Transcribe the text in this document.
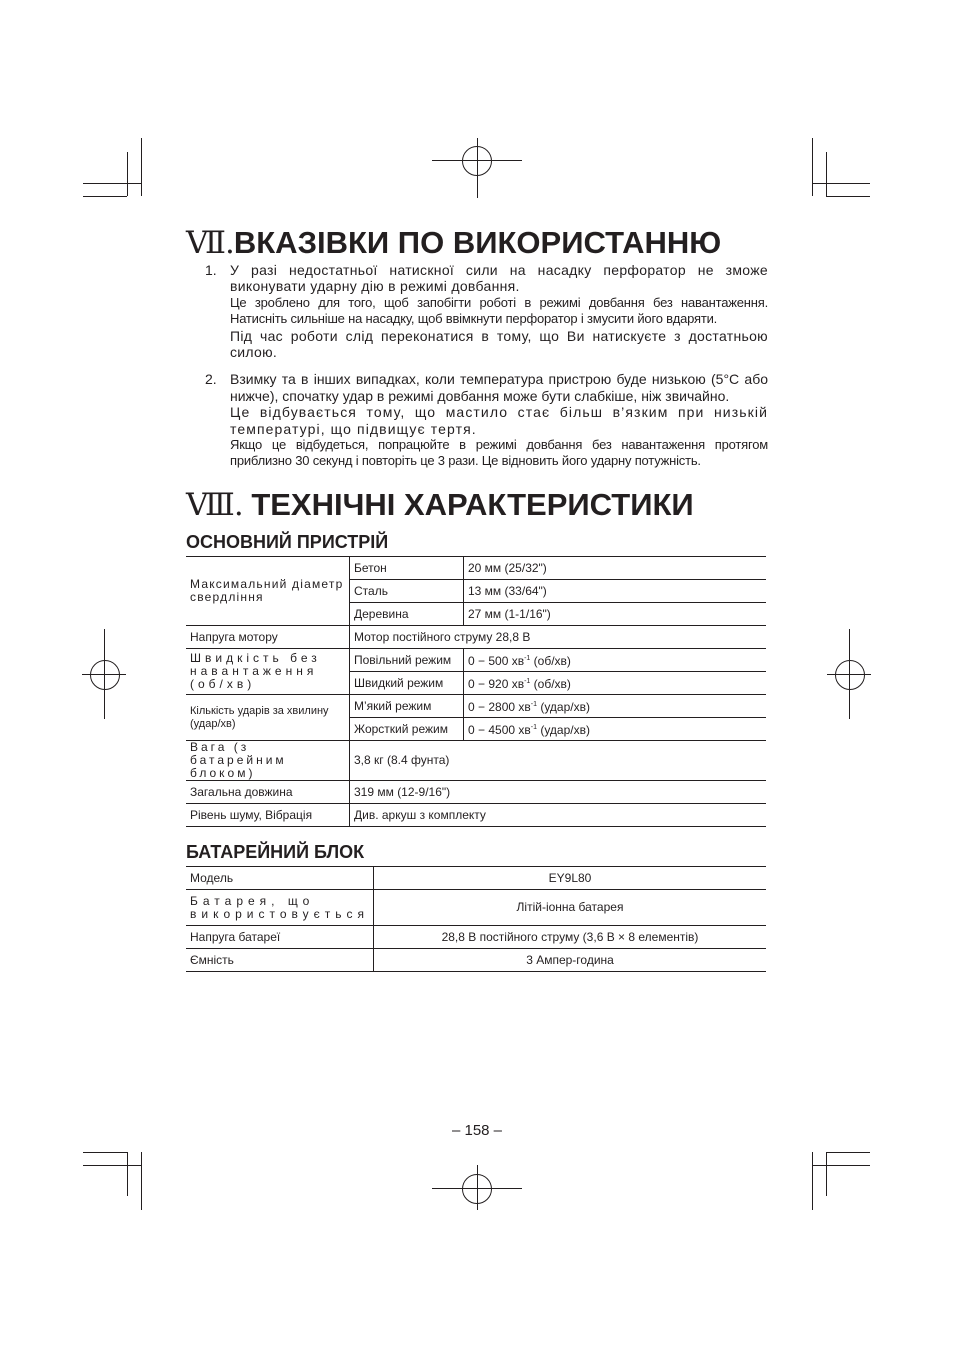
Ⅶ.ВКАЗІВКИ ПО ВИКОРИСТАННЮ
1. У разі недостатньої натискної сили на насадку перфоратор не зможе виконувати ударну дію в режимі довбання.

Це зроблено для того, щоб запобігти роботі в режимі довбання без навантаження. Натисніть сильніше на насадку, щоб ввімкнути перфоратор і змусити його вдаряти.

Під час роботи слід переконатися в тому, що Ви натискуєте з достатньою силою.

2. Взимку та в інших випадках, коли температура пристрою буде низькою (5°C або нижче), спочатку удар в режимі довбання може бути слабкіше, ніж звичайно.

Це відбувається тому, що мастило стає більш в’язким при низькій температурі, що підвищує тертя.

Якщо це відбудеться, попрацюйте в режимі довбання без навантаження протягом приблизно 30 секунд і повторіть це 3 рази. Це відновить його ударну потужність.

Ⅷ. ТЕХНІЧНІ ХАРАКТЕРИСТИКИ
ОСНОВНИЙ ПРИСТРІЙ
Максимальний діаметр свердління	Бетон	20 мм (25/32")
	Сталь	13 мм (33/64")
	Деревина	27 мм (1-1/16")
Напруга мотору	Мотор постійного струму 28,8 В	
Швидкість без навантаження (об/хв)	Повільний режим	0 − 500 $хв^{-1}$ (об/хв)
	Швидкий режим	0 − 920 $хв^{-1}$ (об/хв)
Кількість ударів за хвилину (удар/хв)	М’який режим	0 − 2800 $хв^{-1}$ (удар/хв)
	Жорсткий режим	0 − 4500 $хв^{-1}$ (удар/хв)
Вага (з батарейним блоком)	3,8 кг (8.4 фунта)	
Загальна довжина	319 мм (12-9/16")	
Рівень шуму, Вібрація	Див. аркуш з комплекту	
БАТАРЕЙНИЙ БЛОК
Модель	EY9L80
Батарея, що використовується	Літій-іонна батарея
Напруга батареї	28,8 В постійного струму (3,6 В × 8 елементів)
Ємність	3 Ампер-година
– 158 –
